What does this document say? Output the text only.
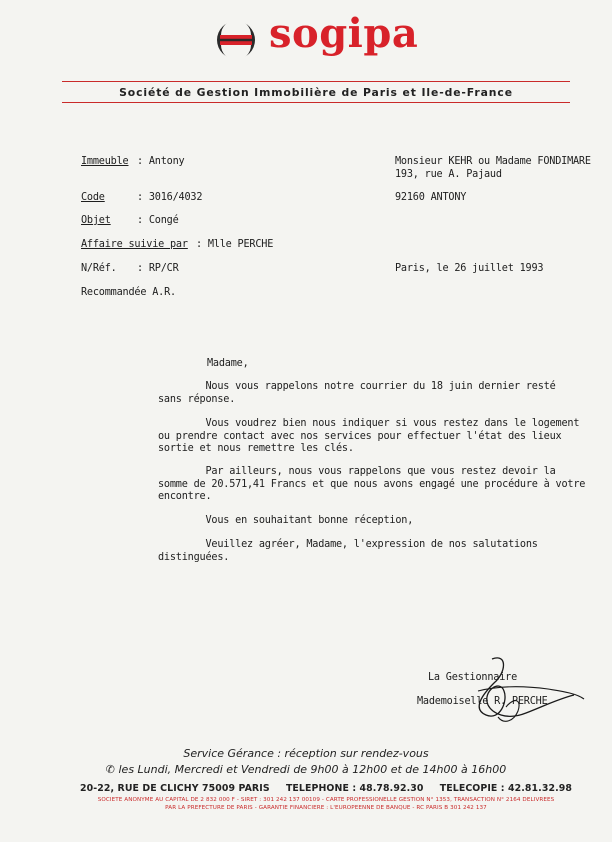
sogipa
Société de Gestion Immobilière de Paris et Ile-de-France
Immeuble : Antony
Code	: 3016/4032
Objet	: Congé
Affaire suivie par : Mlle PERCHE
N/Réf. : RP/CR
Recommandée A.R.
Monsieur KEHR ou Madame FONDIMARE
193, rue A. Pajaud
92160 ANTONY
Paris, le 26 juillet 1993
Madame,
Nous vous rappelons notre courrier du 18 juin dernier resté
sans réponse.
Vous voudrez bien nous indiquer si vous restez dans le logement
ou prendre contact avec nos services pour effectuer l'état des lieux
sortie et nous remettre les clés.
Par ailleurs, nous vous rappelons que vous restez devoir la
somme de 20.571,41 Francs et que nous avons engagé une procédure à votre
encontre.
Vous en souhaitant bonne réception,
Veuillez agréer, Madame, l'expression de nos salutations
distinguées.
La Gestionnaire
Mademoiselle R. PERCHE
Service Gérance : réception sur rendez-vous
✆ les Lundi, Mercredi et Vendredi de 9h00 à 12h00 et de 14h00 à 16h00
20-22, RUE DE CLICHY 75009 PARIS TELEPHONE : 48.78.92.30 TELECOPIE : 42.81.32.98
SOCIETE ANONYME AU CAPITAL DE 2 832 000 F - SIRET : 301 242 137 00109 - CARTE PROFESSIONELLE GESTION N° 1353, TRANSACTION N° 2164 DELIVREES
PAR LA PREFECTURE DE PARIS - GARANTIE FINANCIERE : L'EUROPEENNE DE BANQUE - RC PARIS B 301 242 137
